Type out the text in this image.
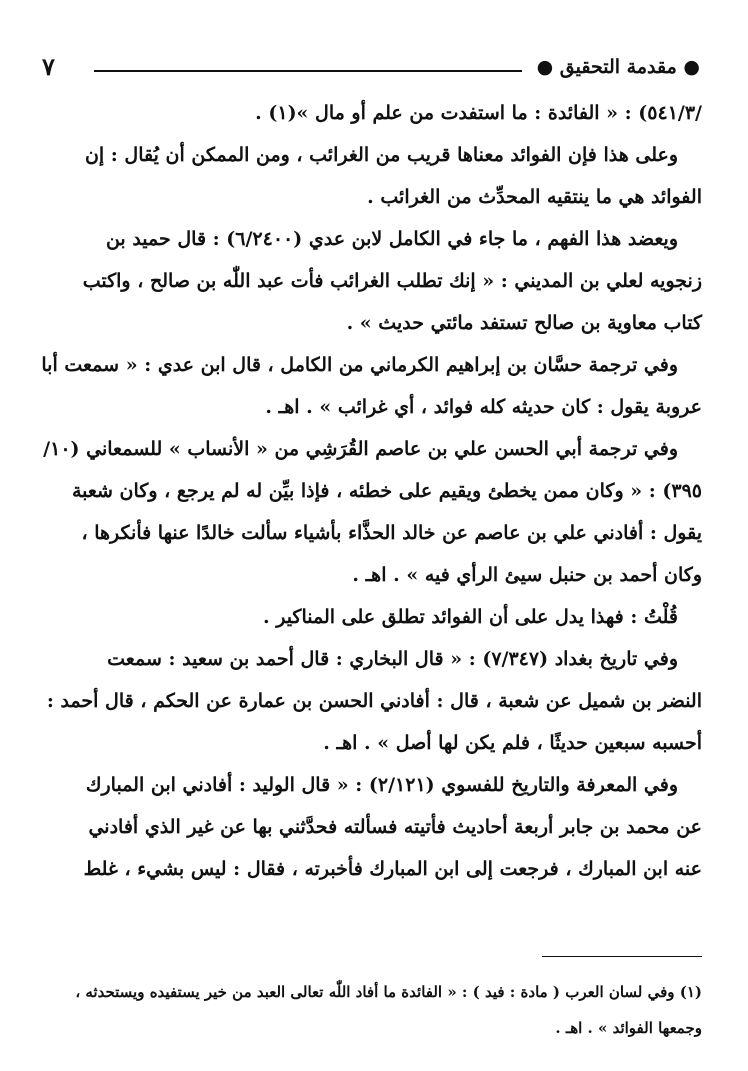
● مقدمة التحقيق ●
٧
/٥٤١/٣) : « الفائدة : ما استفدت من علم أو مال »(١) .
وعلى هذا فإن الفوائد معناها قريب من الغرائب ، ومن الممكن أن يُقال : إن
الفوائد هي ما ينتقيه المحدِّث من الغرائب .
ويعضد هذا الفهم ، ما جاء في الكامل لابن عدي (٦/٢٤٠٠) : قال حميد بن
زنجويه لعلي بن المديني : « إنك تطلب الغرائب فأت عبد اللّٰه بن صالح ، واكتب
كتاب معاوية بن صالح تستفد مائتي حديث » .
وفي ترجمة حسَّان بن إبراهيم الكرماني من الكامل ، قال ابن عدي : « سمعت أبا
عروبة يقول : كان حديثه كله فوائد ، أي غرائب » . اهـ .
وفي ترجمة أبي الحسن علي بن عاصم القُرَشِي من « الأنساب » للسمعاني (١٠/
٣٩٥) : « وكان ممن يخطئ ويقيم على خطئه ، فإذا بيِّن له لم يرجع ، وكان شعبة
يقول : أفادني علي بن عاصم عن خالد الحذَّاء بأشياء سألت خالدًا عنها فأنكرها ،
وكان أحمد بن حنبل سيئ الرأي فيه » . اهـ .
قُلْتُ : فهذا يدل على أن الفوائد تطلق على المناكير .
وفي تاريخ بغداد (٧/٣٤٧) : « قال البخاري : قال أحمد بن سعيد : سمعت
النضر بن شميل عن شعبة ، قال : أفادني الحسن بن عمارة عن الحكم ، قال أحمد :
أحسبه سبعين حديثًا ، فلم يكن لها أصل » . اهـ .
وفي المعرفة والتاريخ للفسوي (٢/١٢١) : « قال الوليد : أفادني ابن المبارك
عن محمد بن جابر أربعة أحاديث فأتيته فسألته فحدَّثني بها عن غير الذي أفادني
عنه ابن المبارك ، فرجعت إلى ابن المبارك فأخبرته ، فقال : ليس بشيء ، غلط
(١) وفي لسان العرب ( مادة : فيد ) : « الفائدة ما أفاد اللّٰه تعالى العبد من خير يستفيده ويستحدثه ،
وجمعها الفوائد » . اهـ .
